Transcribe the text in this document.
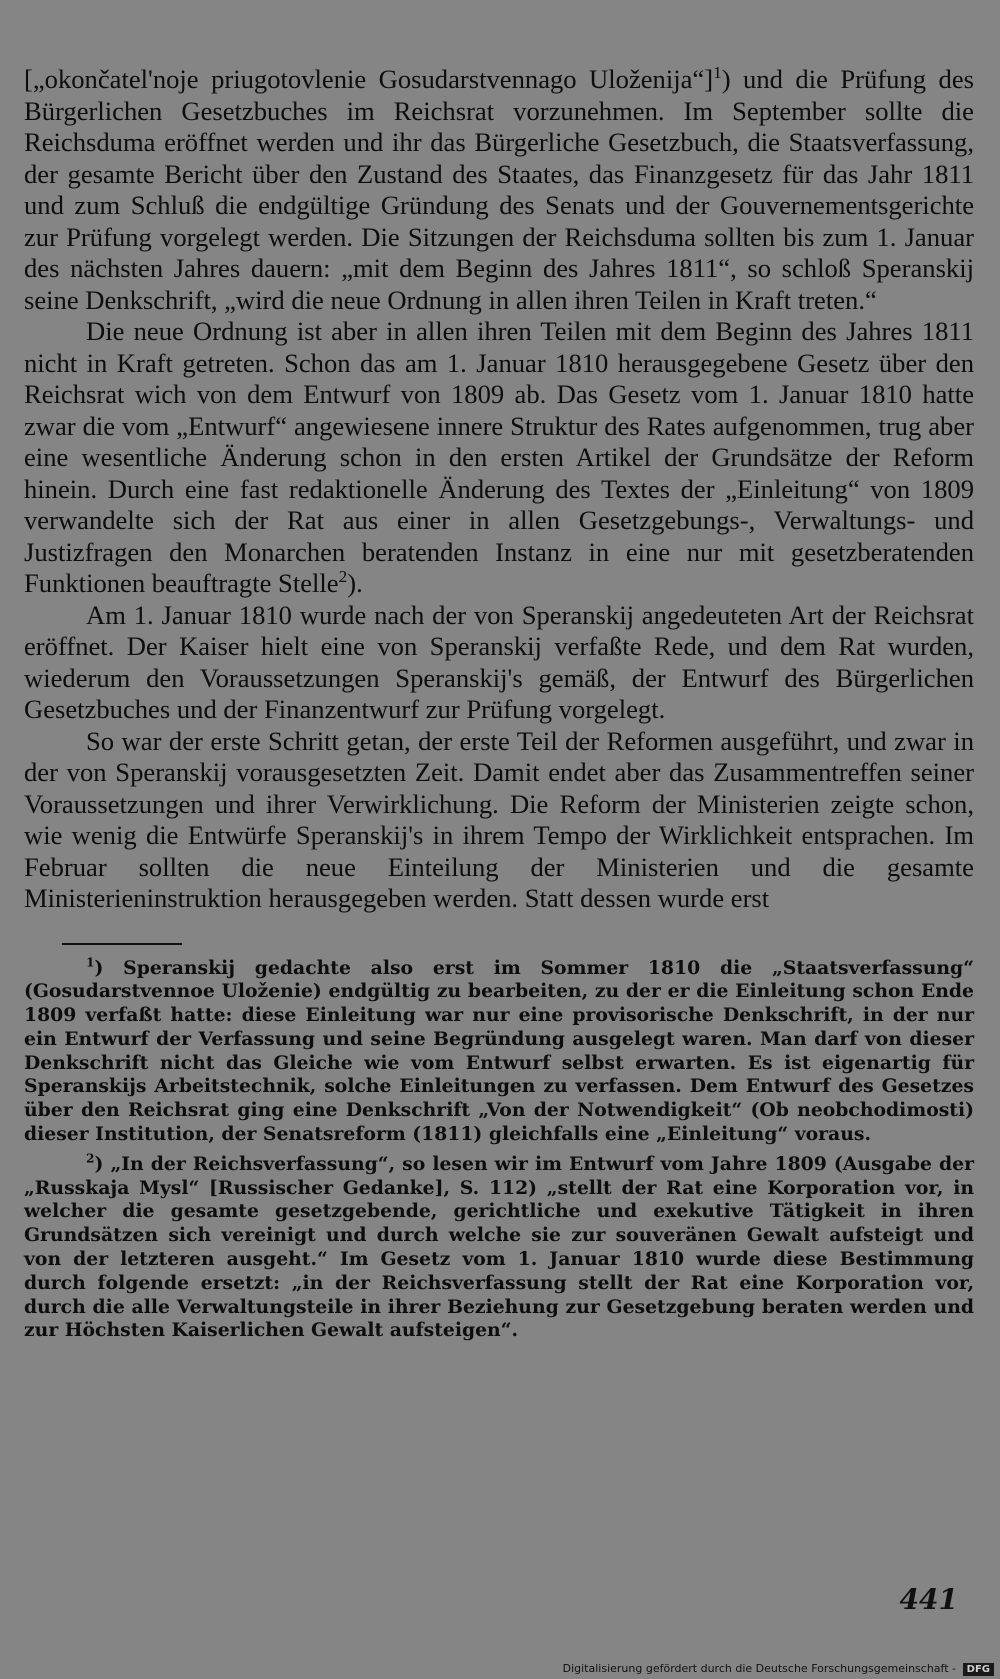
[„okončatel'noje priugotovlenie Gosudarstvennago Uloženija“]$^1$) und die Prüfung des Bürgerlichen Gesetzbuches im Reichsrat vorzunehmen. Im September sollte die Reichsduma eröffnet werden und ihr das Bürgerliche Gesetzbuch, die Staatsverfassung, der gesamte Bericht über den Zustand des Staates, das Finanzgesetz für das Jahr 1811 und zum Schluß die endgültige Gründung des Senats und der Gouvernementsgerichte zur Prüfung vorgelegt werden. Die Sitzungen der Reichsduma sollten bis zum 1. Januar des nächsten Jahres dauern: „mit dem Beginn des Jahres 1811“, so schloß Speranskij seine Denkschrift, „wird die neue Ordnung in allen ihren Teilen in Kraft treten.“

Die neue Ordnung ist aber in allen ihren Teilen mit dem Beginn des Jahres 1811 nicht in Kraft getreten. Schon das am 1. Januar 1810 herausgegebene Gesetz über den Reichsrat wich von dem Entwurf von 1809 ab. Das Gesetz vom 1. Januar 1810 hatte zwar die vom „Entwurf“ angewiesene innere Struktur des Rates aufgenommen, trug aber eine wesentliche Änderung schon in den ersten Artikel der Grundsätze der Reform hinein. Durch eine fast redaktionelle Änderung des Textes der „Einleitung“ von 1809 verwandelte sich der Rat aus einer in allen Gesetzgebungs-, Verwaltungs- und Justizfragen den Monarchen beratenden Instanz in eine nur mit gesetzberatenden Funktionen beauftragte Stelle$^2$).

Am 1. Januar 1810 wurde nach der von Speranskij angedeuteten Art der Reichsrat eröffnet. Der Kaiser hielt eine von Speranskij verfaßte Rede, und dem Rat wurden, wiederum den Voraussetzungen Speranskij's gemäß, der Entwurf des Bürgerlichen Gesetzbuches und der Finanzentwurf zur Prüfung vorgelegt.

So war der erste Schritt getan, der erste Teil der Reformen ausgeführt, und zwar in der von Speranskij vorausgesetzten Zeit. Damit endet aber das Zusammentreffen seiner Voraussetzungen und ihrer Verwirklichung. Die Reform der Ministerien zeigte schon, wie wenig die Entwürfe Speranskij's in ihrem Tempo der Wirklichkeit entsprachen. Im Februar sollten die neue Einteilung der Ministerien und die gesamte Ministerieninstruktion herausgegeben werden. Statt dessen wurde erst

$^1$) Speranskij gedachte also erst im Sommer 1810 die „Staatsverfassung“ (Gosudarstvennoe Uloženie) endgültig zu bearbeiten, zu der er die Einleitung schon Ende 1809 verfaßt hatte: diese Einleitung war nur eine provisorische Denkschrift, in der nur ein Entwurf der Verfassung und seine Begründung ausgelegt waren. Man darf von dieser Denkschrift nicht das Gleiche wie vom Entwurf selbst erwarten. Es ist eigenartig für Speranskijs Arbeitstechnik, solche Einleitungen zu verfassen. Dem Entwurf des Gesetzes über den Reichsrat ging eine Denkschrift „Von der Notwendigkeit“ (Ob neobchodimosti) dieser Institution, der Senatsreform (1811) gleichfalls eine „Einleitung“ voraus.

$^2$) „In der Reichsverfassung“, so lesen wir im Entwurf vom Jahre 1809 (Ausgabe der „Russkaja Mysl“ [Russischer Gedanke], S. 112) „stellt der Rat eine Korporation vor, in welcher die gesamte gesetzgebende, gerichtliche und exekutive Tätigkeit in ihren Grundsätzen sich vereinigt und durch welche sie zur souveränen Gewalt aufsteigt und von der letzteren ausgeht.“ Im Gesetz vom 1. Januar 1810 wurde diese Bestimmung durch folgende ersetzt: „in der Reichsverfassung stellt der Rat eine Korporation vor, durch die alle Verwaltungsteile in ihrer Beziehung zur Gesetzgebung beraten werden und zur Höchsten Kaiserlichen Gewalt aufsteigen“.

441
Digitalisierung gefördert durch die Deutsche Forschungsgemeinschaft -	DFG
